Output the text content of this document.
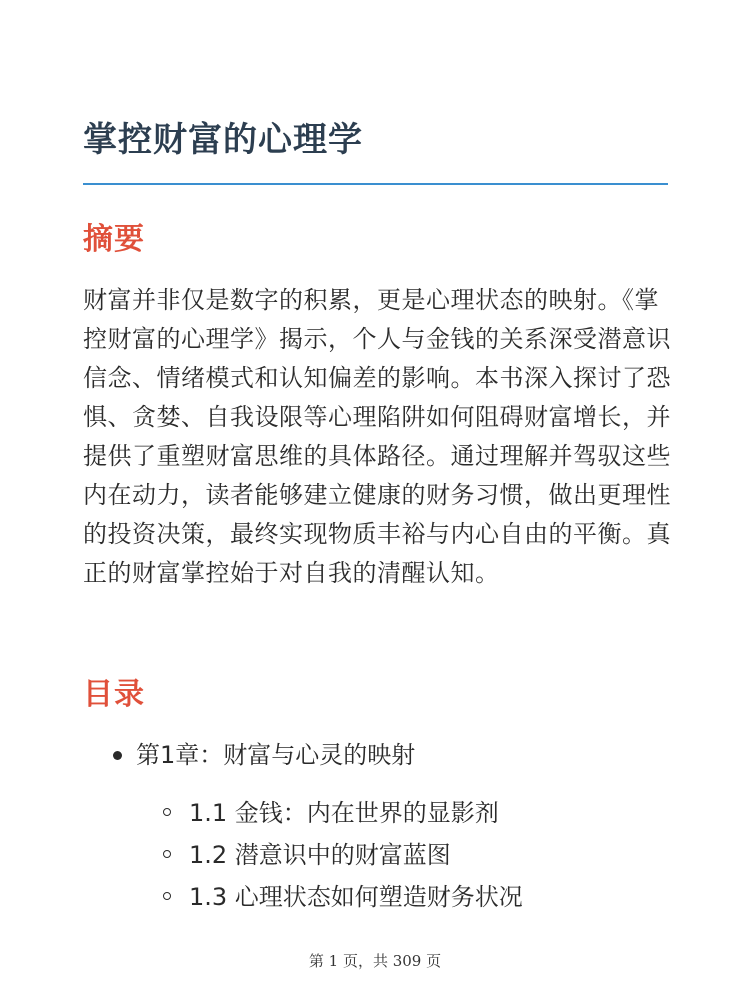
掌控财富的心理学
摘要

财富并非仅是数字的积累，更是心理状态的映射。《掌控财富的心理学》揭示，个人与金钱的关系深受潜意识信念、情绪模式和认知偏差的影响。本书深入探讨了恐惧、贪婪、自我设限等心理陷阱如何阻碍财富增长，并提供了重塑财富思维的具体路径。通过理解并驾驭这些内在动力，读者能够建立健康的财务习惯，做出更理性的投资决策，最终实现物质丰裕与内心自由的平衡。真正的财富掌控始于对自我的清醒认知。

目录
第1章：财富与心灵的映射
1.1 金钱：内在世界的显影剂
1.2 潜意识中的财富蓝图
1.3 心理状态如何塑造财务状况
第 1 页，共 309 页
